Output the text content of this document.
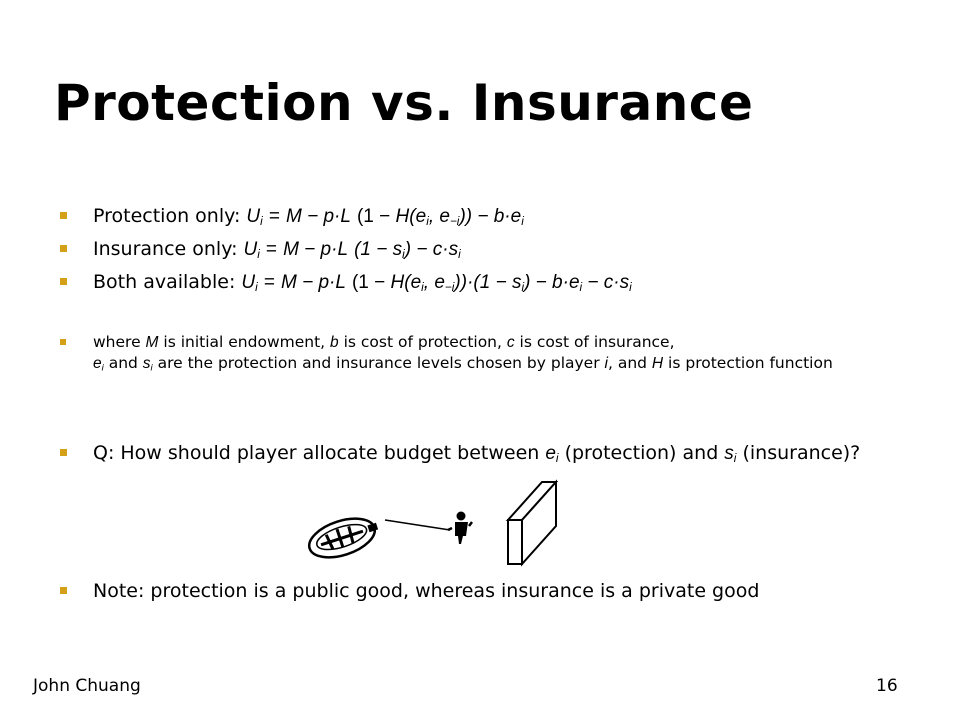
Protection vs. Insurance
Protection only: $U_i = M - p\cdot L$ ($1 - H(e_i$, $e_{-i})) - b\cdot e_i$
Insurance only: $U_i = M - p\cdot L$ $(1 - s_i) - c\cdot s_i$
Both available: $U_i = M - p\cdot L$ ($1 - H(e_i$, $e_{-i}))\cdot(1 - s_i) - b\cdot e_i - c\cdot s_i$
where M is initial endowment, b is cost of protection, c is cost of insurance,
$e_i$ and $s_i$ are the protection and insurance levels chosen by player i, and H is protection function
Q: How should player allocate budget between $e_i$ (protection) and $s_i$ (insurance)?
Note: protection is a public good, whereas insurance is a private good
John Chuang	16
